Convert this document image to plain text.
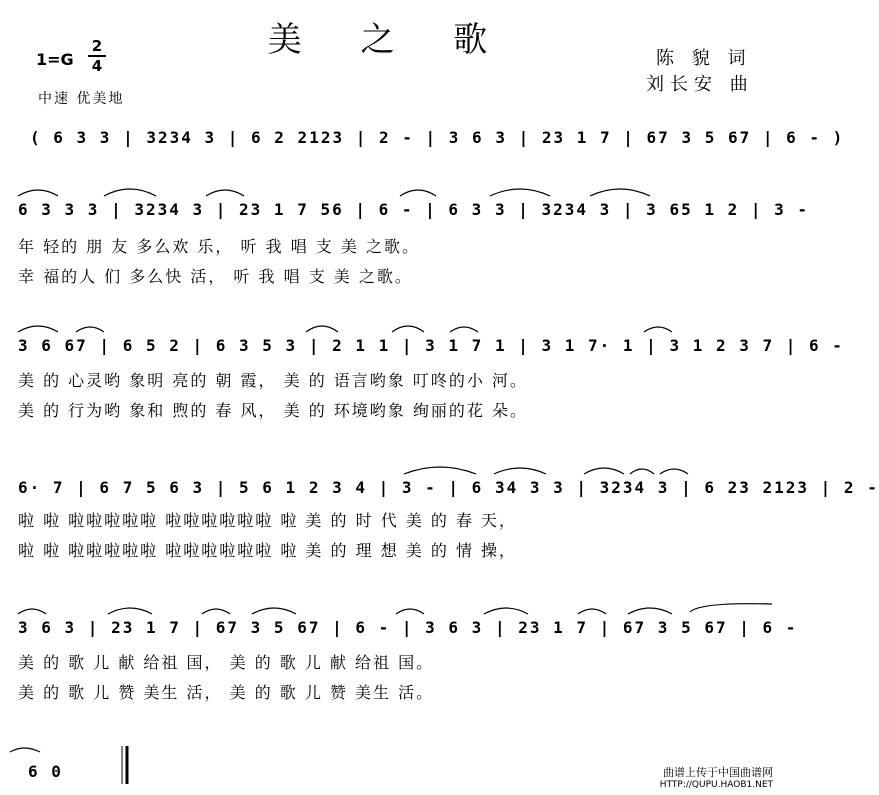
美 之 歌
1=G
2
4
中速 优美地
陈 貌 词
刘长安 曲
( 6 3 3 | 3234 3 | 6 2 2123 | 2 - | 3 6 3 | 23 1 7 | 67 3 5 67 | 6 - )
6 3 3 3 | 3234 3 | 23 1 7 56 | 6 - | 6 3 3 | 3234 3 | 3 65 1 2 | 3 -
年 轻的 朋 友 多么欢 乐， 听 我 唱 支 美 之歌。
幸 福的人 们 多么快 活， 听 我 唱 支 美 之歌。
3 6 67 | 6 5 2 | 6 3 5 3 | 2 1 1 | 3 1 7 1 | 3 1 7· 1 | 3 1 2 3 7 | 6 -
美 的 心灵哟 象明 亮的 朝 霞， 美 的 语言哟象 叮咚的小 河。
美 的 行为哟 象和 煦的 春 风， 美 的 环境哟象 绚丽的花 朵。
6· 7 | 6 7 5 6 3 | 5 6 1 2 3 4 | 3 - | 6 34 3 3 | 3234 3 | 6 23 2123 | 2 -
啦 啦 啦啦啦啦啦 啦啦啦啦啦啦 啦 美 的 时 代 美 的 春 天，
啦 啦 啦啦啦啦啦 啦啦啦啦啦啦 啦 美 的 理 想 美 的 情 操，
3 6 3 | 23 1 7 | 67 3 5 67 | 6 - | 3 6 3 | 23 1 7 | 67 3 5 67 | 6 -
美 的 歌 儿 献 给祖 国， 美 的 歌 儿 献 给祖 国。
美 的 歌 儿 赞 美生 活， 美 的 歌 儿 赞 美生 活。
6 0	曲谱上传于中国曲谱网
HTTP://QUPU.HAOB1.NET
